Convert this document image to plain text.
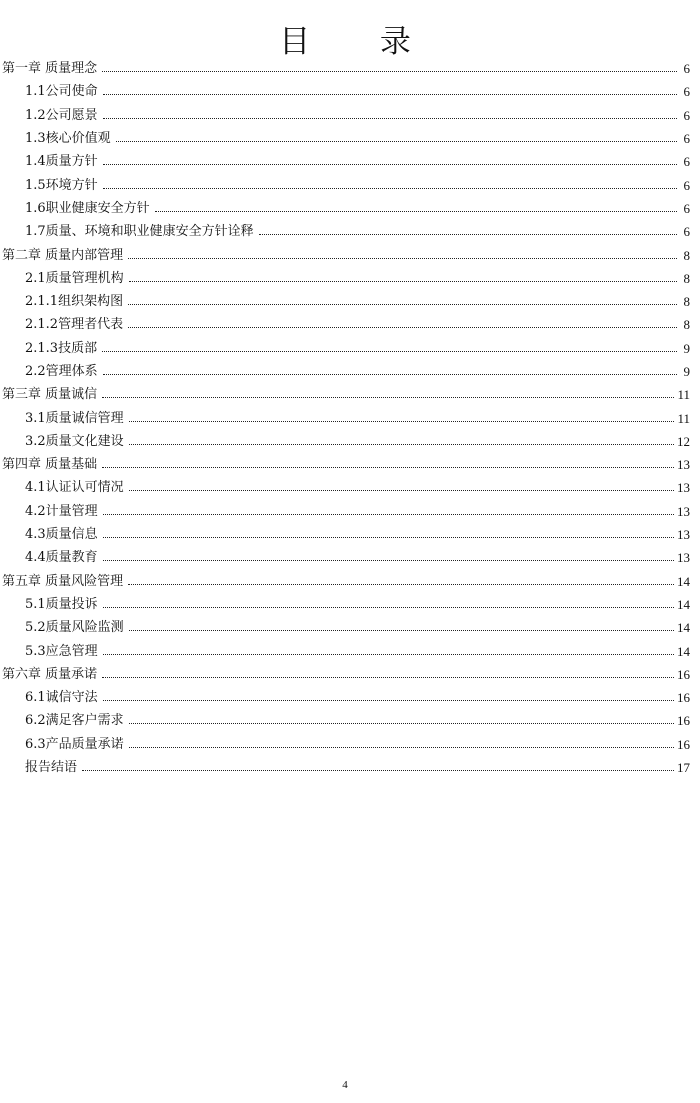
目 录
第一章 质量理念	6
1.1公司使命	6
1.2公司愿景	6
1.3核心价值观	6
1.4质量方针	6
1.5环境方针	6
1.6职业健康安全方针	6
1.7质量、环境和职业健康安全方针诠释	6
第二章 质量内部管理	8
2.1质量管理机构	8
2.1.1组织架构图	8
2.1.2管理者代表	8
2.1.3技质部	9
2.2管理体系	9
第三章 质量诚信	11
3.1质量诚信管理	11
3.2质量文化建设	12
第四章 质量基础	13
4.1认证认可情况	13
4.2计量管理	13
4.3质量信息	13
4.4质量教育	13
第五章 质量风险管理	14
5.1质量投诉	14
5.2质量风险监测	14
5.3应急管理	14
第六章 质量承诺	16
6.1诚信守法	16
6.2满足客户需求	16
6.3产品质量承诺	16
报告结语	17
4
